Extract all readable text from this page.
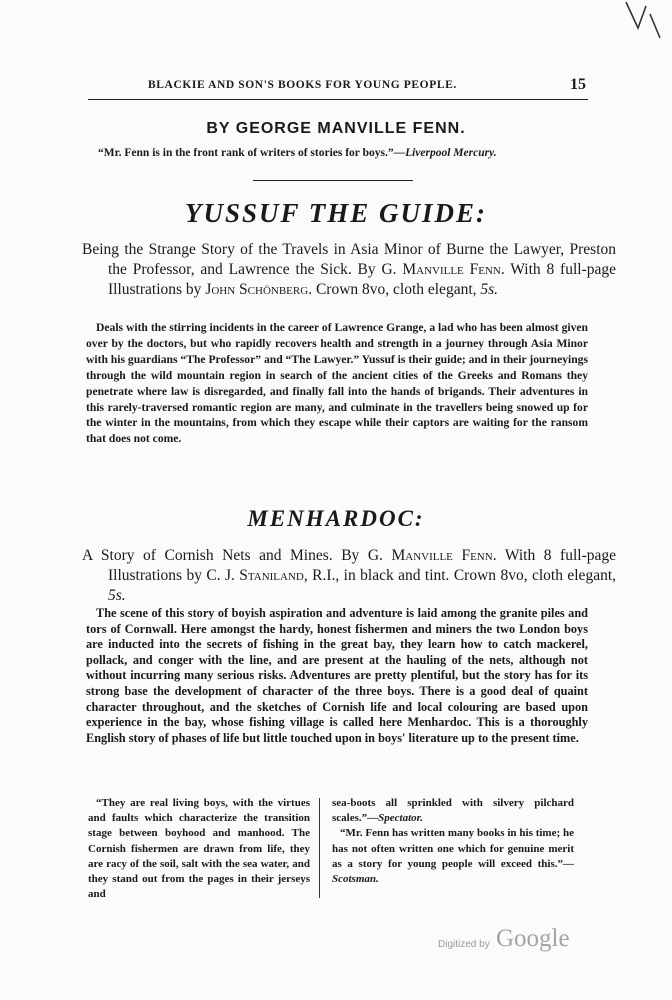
BLACKIE AND SON'S BOOKS FOR YOUNG PEOPLE.	15
BY GEORGE MANVILLE FENN.
“Mr. Fenn is in the front rank of writers of stories for boys.”—Liverpool Mercury.
YUSSUF THE GUIDE:
Being the Strange Story of the Travels in Asia Minor of Burne the Lawyer, Preston the Professor, and Lawrence the Sick. By G. Manville Fenn. With 8 full-page Illustrations by John Schönberg. Crown 8vo, cloth elegant, 5s.
Deals with the stirring incidents in the career of Lawrence Grange, a lad who has been almost given over by the doctors, but who rapidly recovers health and strength in a journey through Asia Minor with his guardians “The Professor” and “The Lawyer.” Yussuf is their guide; and in their journeyings through the wild mountain region in search of the ancient cities of the Greeks and Romans they penetrate where law is disregarded, and finally fall into the hands of brigands. Their adventures in this rarely-traversed romantic region are many, and culminate in the travellers being snowed up for the winter in the mountains, from which they escape while their captors are waiting for the ransom that does not come.
MENHARDOC:
A Story of Cornish Nets and Mines. By G. Manville Fenn. With 8 full-page Illustrations by C. J. Staniland, R.I., in black and tint. Crown 8vo, cloth elegant, 5s.
The scene of this story of boyish aspiration and adventure is laid among the granite piles and tors of Cornwall. Here amongst the hardy, honest fishermen and miners the two London boys are inducted into the secrets of fishing in the great bay, they learn how to catch mackerel, pollack, and conger with the line, and are present at the hauling of the nets, although not without incurring many serious risks. Adventures are pretty plentiful, but the story has for its strong base the development of character of the three boys. There is a good deal of quaint character throughout, and the sketches of Cornish life and local colouring are based upon experience in the bay, whose fishing village is called here Menhardoc. This is a thoroughly English story of phases of life but little touched upon in boys' literature up to the present time.

“They are real living boys, with the virtues and faults which characterize the transition stage between boyhood and manhood. The Cornish fishermen are drawn from life, they are racy of the soil, salt with the sea water, and they stand out from the pages in their jerseys and

sea-boots all sprinkled with silvery pilchard scales.”—Spectator.

“Mr. Fenn has written many books in his time; he has not often written one which for genuine merit as a story for young people will exceed this.”—Scotsman.

Digitized by Google
